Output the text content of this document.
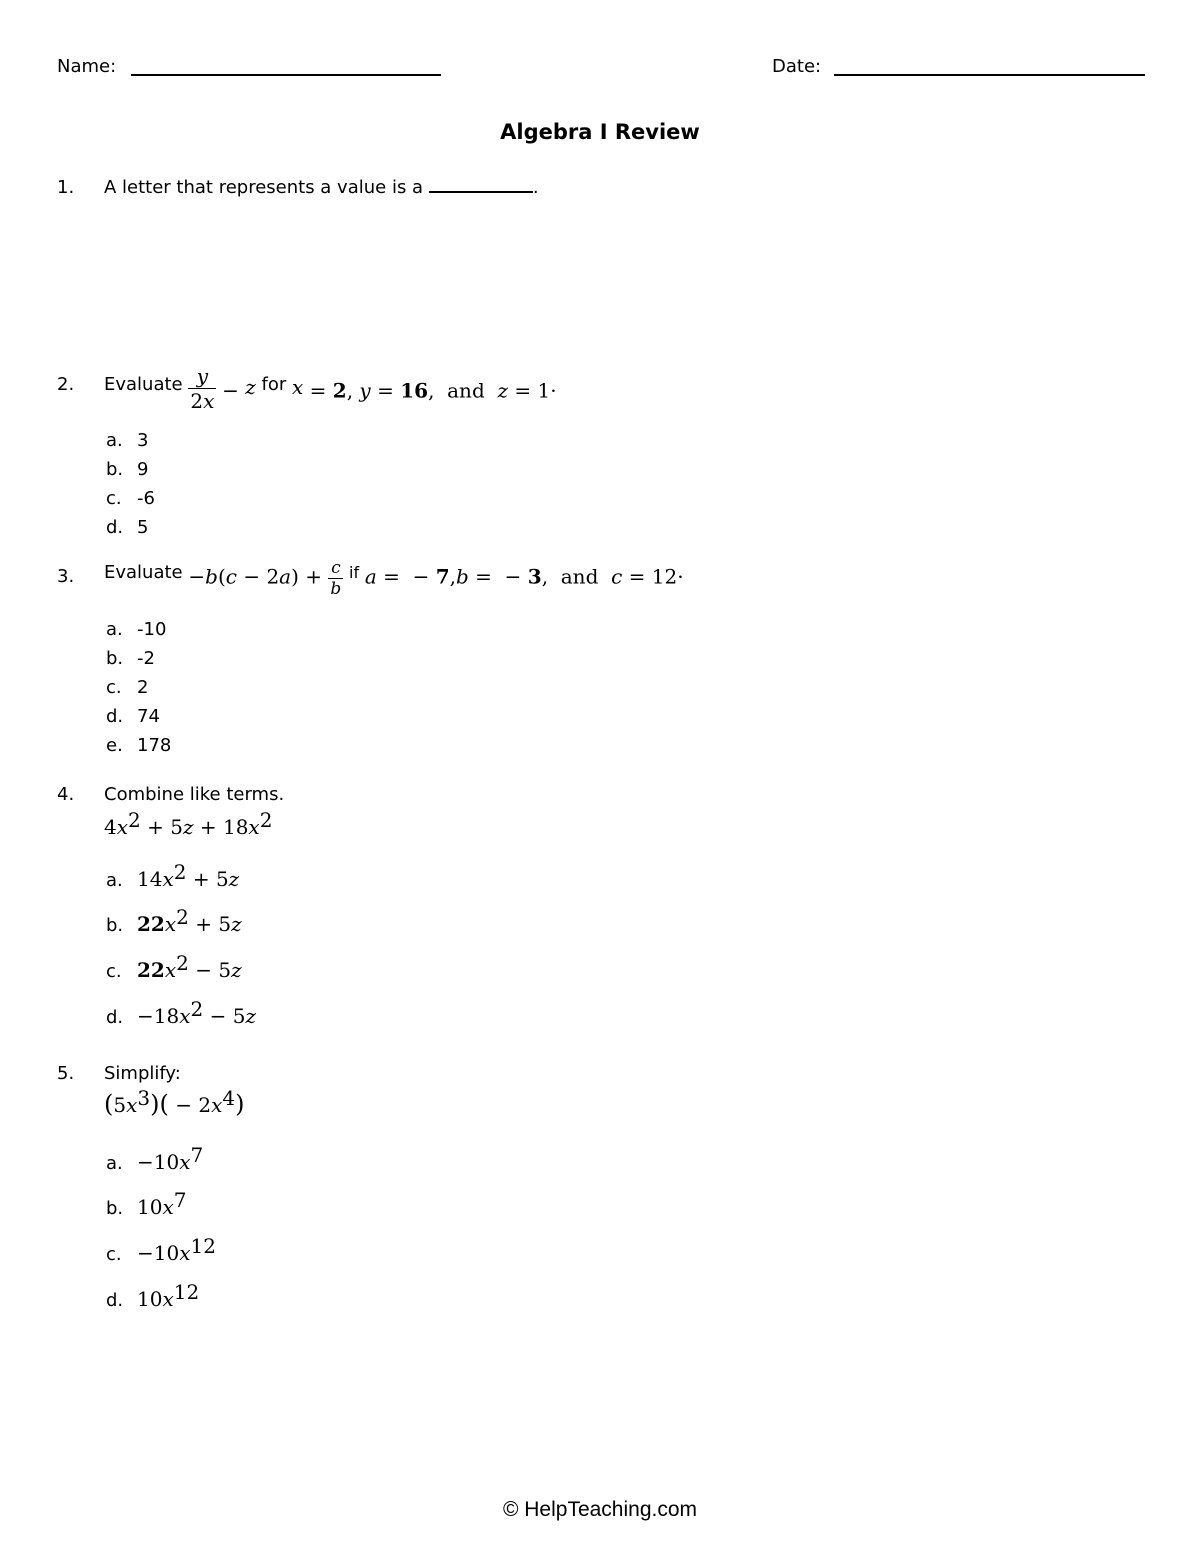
Name:	Date:
Algebra I Review
1. A letter that represents a value is a	.
2. Evaluate $\frac{y}{2x} - z$ for x = 2, y = 16,  and  z = 1·
a. 3
b. 9
c. -6
d. 5
3. Evaluate $-b(c - 2a) + \frac{c}{b}$ if a =  − 7,b =  − 3,  and  c = 12·
a. -10
b. -2
c. 2
d. 74
e. 178
4. Combine like terms.
$4x^2 + 5z + 18x^2$
a. $14x^2 + 5z$
b. $22x^2 + 5z$
c. $22x^2 - 5z$
d. $-18x^2 - 5z$
5. Simplify:
$(5x^3)( - 2x^4)$
a. $-10x^7$
b. $10x^7$
c. $-10x^{12}$
d. $10x^{12}$
© HelpTeaching.com
